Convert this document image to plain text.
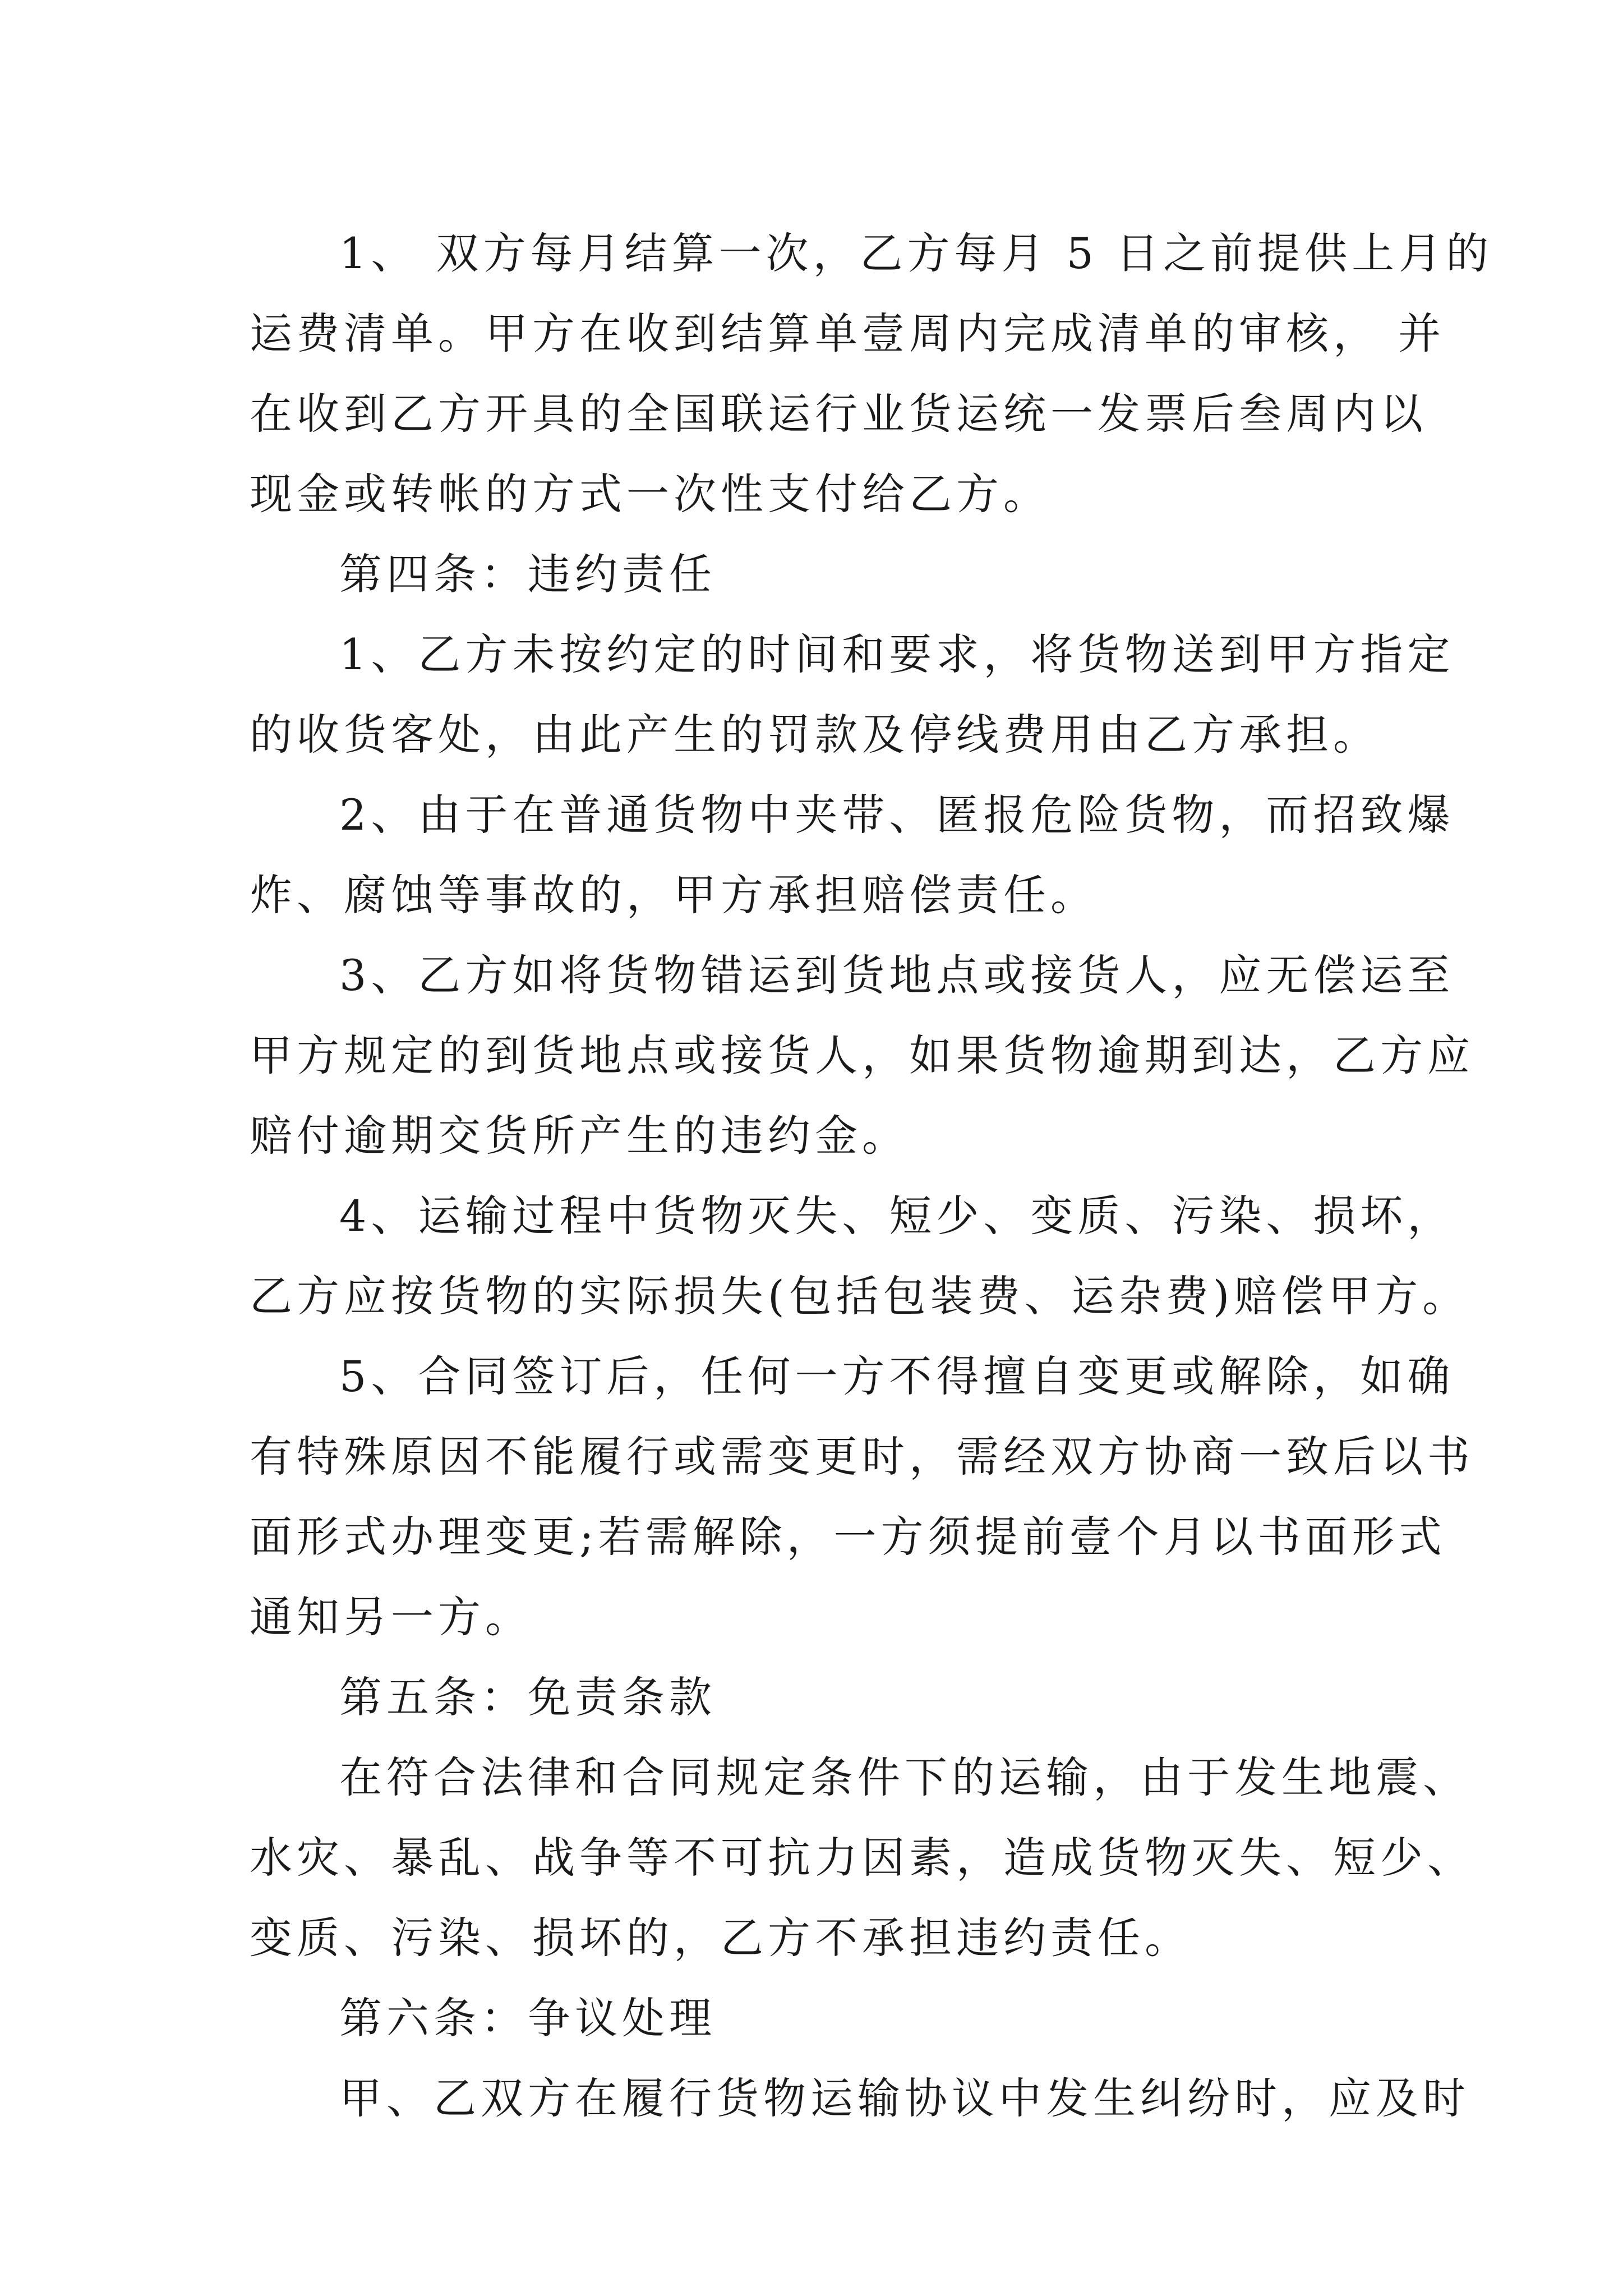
1、 双方每月结算一次，乙方每月 5 日之前提供上月的
运费清单。甲方在收到结算单壹周内完成清单的审核， 并
在收到乙方开具的全国联运行业货运统一发票后叁周内以
现金或转帐的方式一次性支付给乙方。
第四条：违约责任
1、乙方未按约定的时间和要求，将货物送到甲方指定
的收货客处，由此产生的罚款及停线费用由乙方承担。
2、由于在普通货物中夹带、匿报危险货物，而招致爆
炸、腐蚀等事故的，甲方承担赔偿责任。
3、乙方如将货物错运到货地点或接货人，应无偿运至
甲方规定的到货地点或接货人，如果货物逾期到达，乙方应
赔付逾期交货所产生的违约金。
4、运输过程中货物灭失、短少、变质、污染、损坏，
乙方应按货物的实际损失(包括包装费、运杂费)赔偿甲方。
5、合同签订后，任何一方不得擅自变更或解除，如确
有特殊原因不能履行或需变更时，需经双方协商一致后以书
面形式办理变更;若需解除，一方须提前壹个月以书面形式
通知另一方。
第五条：免责条款
在符合法律和合同规定条件下的运输，由于发生地震、
水灾、暴乱、战争等不可抗力因素，造成货物灭失、短少、
变质、污染、损坏的，乙方不承担违约责任。
第六条：争议处理
甲、乙双方在履行货物运输协议中发生纠纷时，应及时
